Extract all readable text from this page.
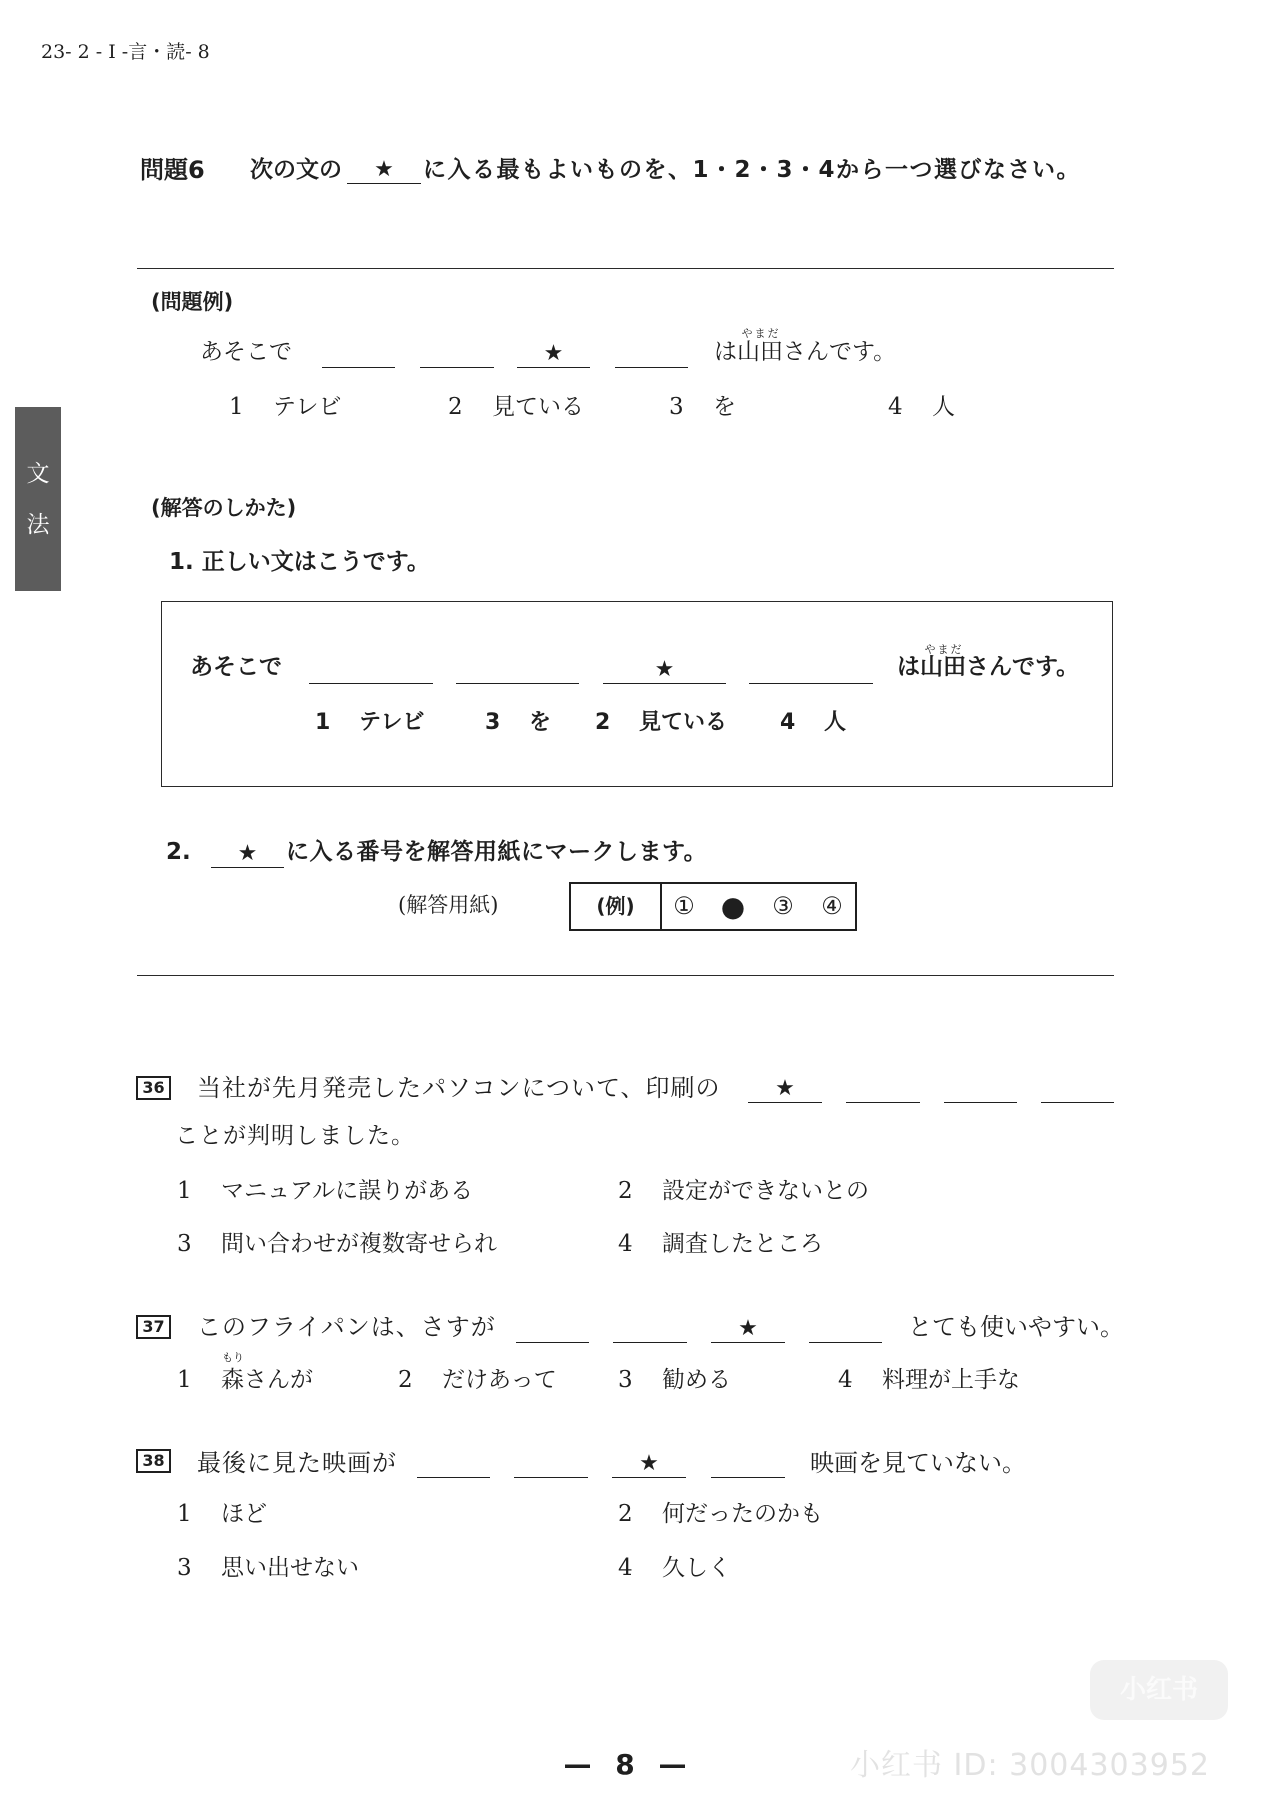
23- 2 - I -言・読- 8
文
法
問題6 次の文の	★	に入る最もよいものを、1・2・3・4から一つ選びなさい。
(問題例)
あそこで	★	は山田さんです。
やまだ
1 テレビ	2 見ている	3 を	4 人
(解答のしかた)
1. 正しい文はこうです。
あそこで	★	は山田さんです。
やまだ
1 テレビ	3 を 2 見ている 4 人
2.	★	に入る番号を解答用紙にマークします。
(解答用紙)	(例)	① ● ③ ④
36 当社が先月発売したパソコンについて、印刷の	★
ことが判明しました。
1 マニュアルに誤りがある	2 設定ができないとの
3 問い合わせが複数寄せられ	4 調査したところ
37 このフライパンは、さすが	★	とても使いやすい。
1 森さんが
もり
2 だけあって	3 勧める	4 料理が上手な
38 最後に見た映画が	★	映画を見ていない。
1 ほど	2 何だったのかも
3 思い出せない	4 久しく
— 8 —
小红书
小红书 ID: 3004303952
